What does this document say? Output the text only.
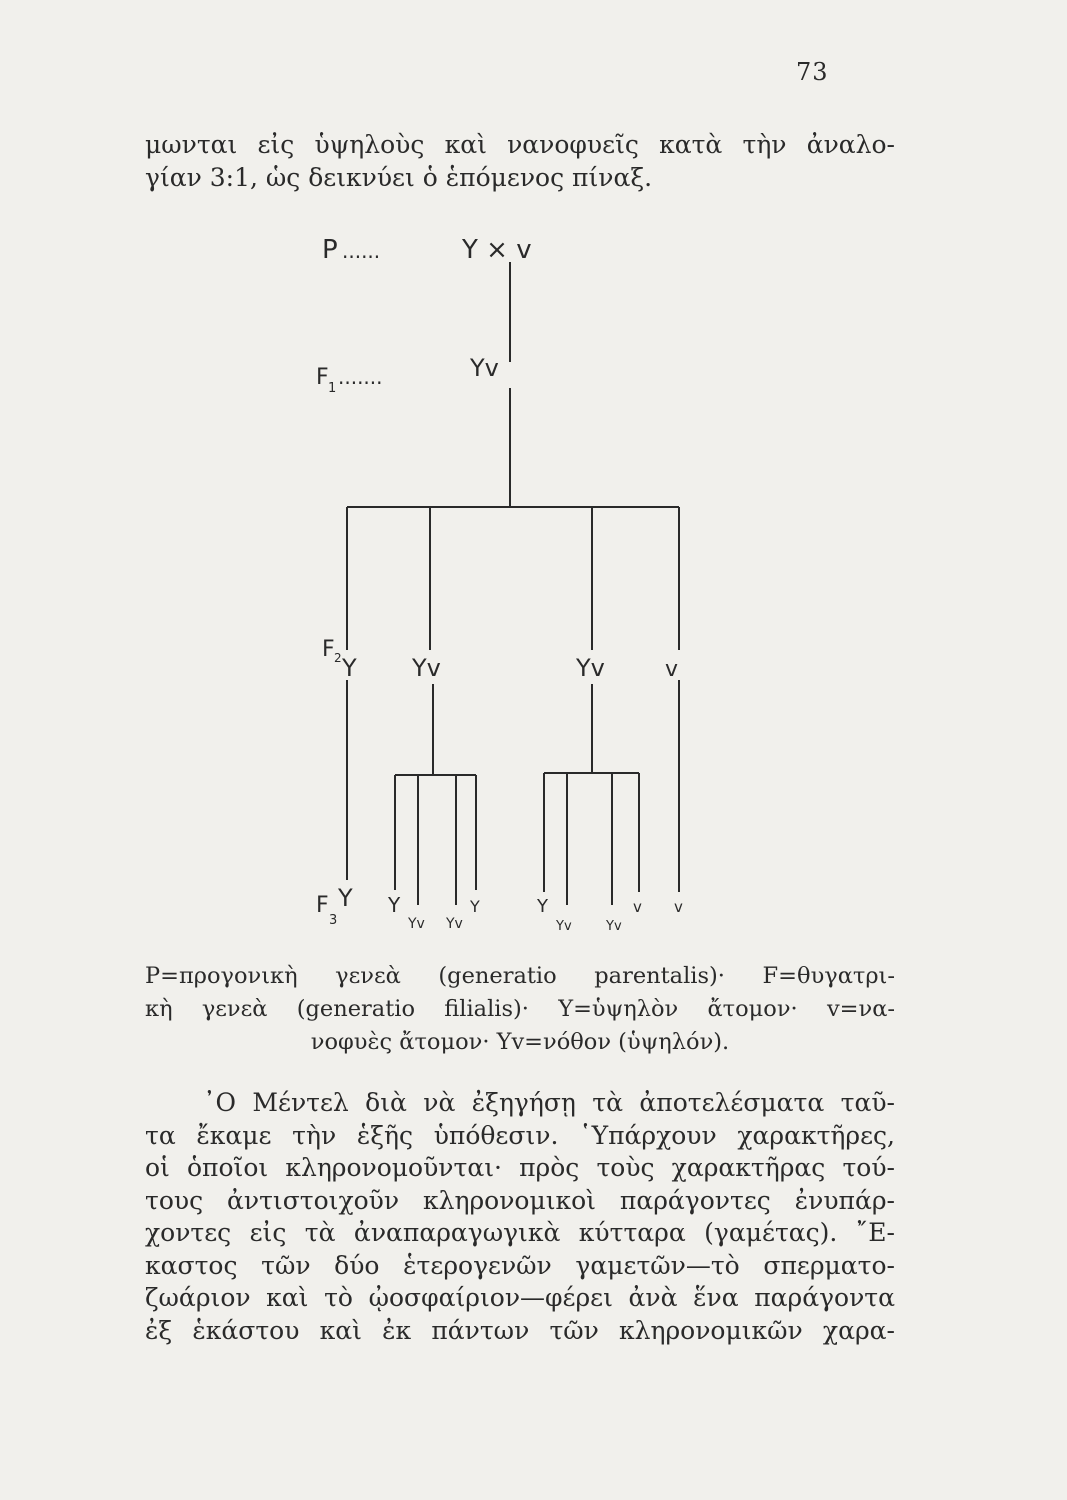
73
μωνται εἰς ὑψηλοὺς καὶ νανοφυεῖς κατὰ τὴν ἀναλο-
γίαν 3:1, ὡς δεικνύει ὁ ἑπόμενος πίναξ.
P ......	Y × v
F 1 .......	Yv
F 2 Y Yv	Yv	v
F
3
Y Y
Yv Yv
Y
Y
Yv	Yv
v v
P=προγονικὴ γενεὰ (generatio parentalis)· F=θυγατρι-
κὴ γενεὰ (generatio filialis)· Y=ὑψηλὸν ἄτομον· v=να-
νοφυὲς ἄτομον· Yv=νόθον (ὑψηλόν).
᾽Ο Μέντελ διὰ νὰ ἐξηγήσῃ τὰ ἀποτελέσματα ταῦ-
τα ἔκαμε τὴν ἑξῆς ὑπόθεσιν. ῾Υπάρχουν χαρακτῆρες,
οἱ ὁποῖοι κληρονομοῦνται· πρὸς τοὺς χαρακτῆρας τού-
τους ἀντιστοιχοῦν κληρονομικοὶ παράγοντες ἐνυπάρ-
χοντες εἰς τὰ ἀναπαραγωγικὰ κύτταρα (γαμέτας). ῎Ε-
καστος τῶν δύο ἑτερογενῶν γαμετῶν—τὸ σπερματο-
ζωάριον καὶ τὸ ᾠοσφαίριον—φέρει ἀνὰ ἕνα παράγοντα
ἐξ ἑκάστου καὶ ἐκ πάντων τῶν κληρονομικῶν χαρα-
